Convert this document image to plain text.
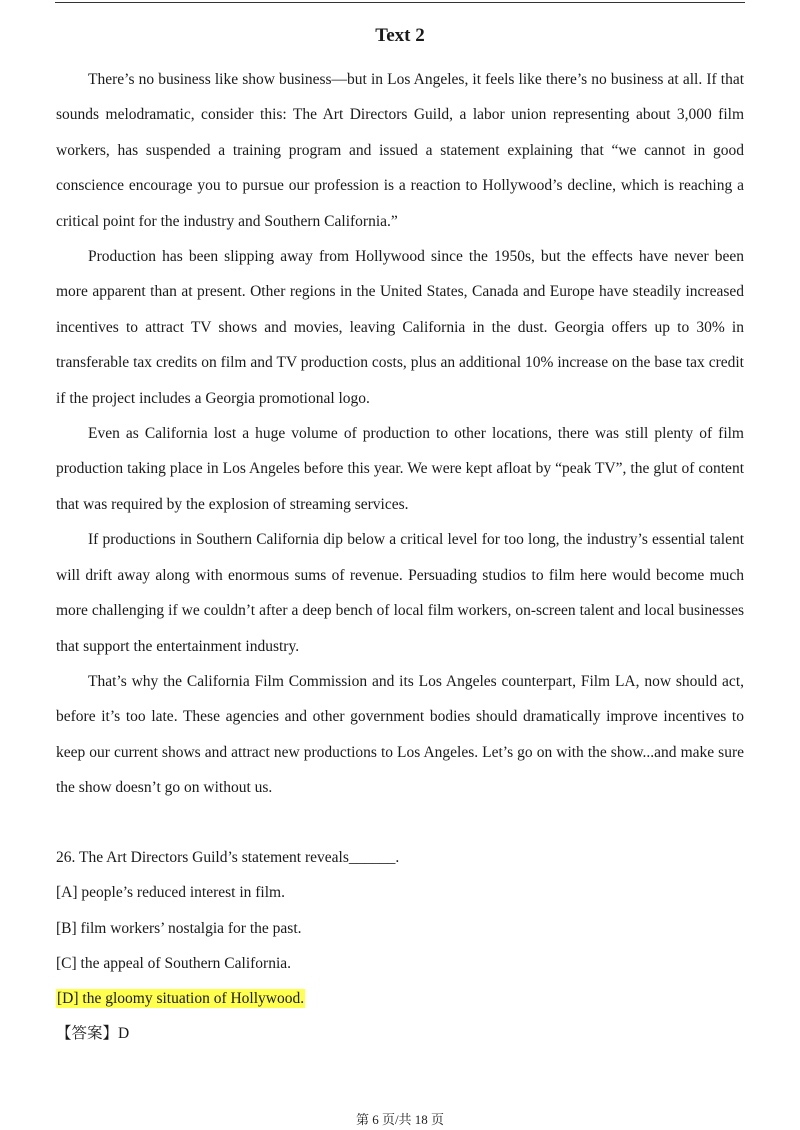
Text 2

There’s no business like show business—but in Los Angeles, it feels like there’s no business at all. If that sounds melodramatic, consider this: The Art Directors Guild, a labor union representing about 3,000 film workers, has suspended a training program and issued a statement explaining that “we cannot in good conscience encourage you to pursue our profession is a reaction to Hollywood’s decline, which is reaching a critical point for the industry and Southern California.”

Production has been slipping away from Hollywood since the 1950s, but the effects have never been more apparent than at present. Other regions in the United States, Canada and Europe have steadily increased incentives to attract TV shows and movies, leaving California in the dust. Georgia offers up to 30% in transferable tax credits on film and TV production costs, plus an additional 10% increase on the base tax credit if the project includes a Georgia promotional logo.

Even as California lost a huge volume of production to other locations, there was still plenty of film production taking place in Los Angeles before this year. We were kept afloat by “peak TV”, the glut of content that was required by the explosion of streaming services.

If productions in Southern California dip below a critical level for too long, the industry’s essential talent will drift away along with enormous sums of revenue. Persuading studios to film here would become much more challenging if we couldn’t after a deep bench of local film workers, on-screen talent and local businesses that support the entertainment industry.

That’s why the California Film Commission and its Los Angeles counterpart, Film LA, now should act, before it’s too late. These agencies and other government bodies should dramatically improve incentives to keep our current shows and attract new productions to Los Angeles. Let’s go on with the show...and make sure the show doesn’t go on without us.

26. The Art Directors Guild’s statement reveals______.
[A] people’s reduced interest in film.
[B] film workers’ nostalgia for the past.
[C] the appeal of Southern California.
[D] the gloomy situation of Hollywood.
【答案】D
第 6 页/共 18 页
